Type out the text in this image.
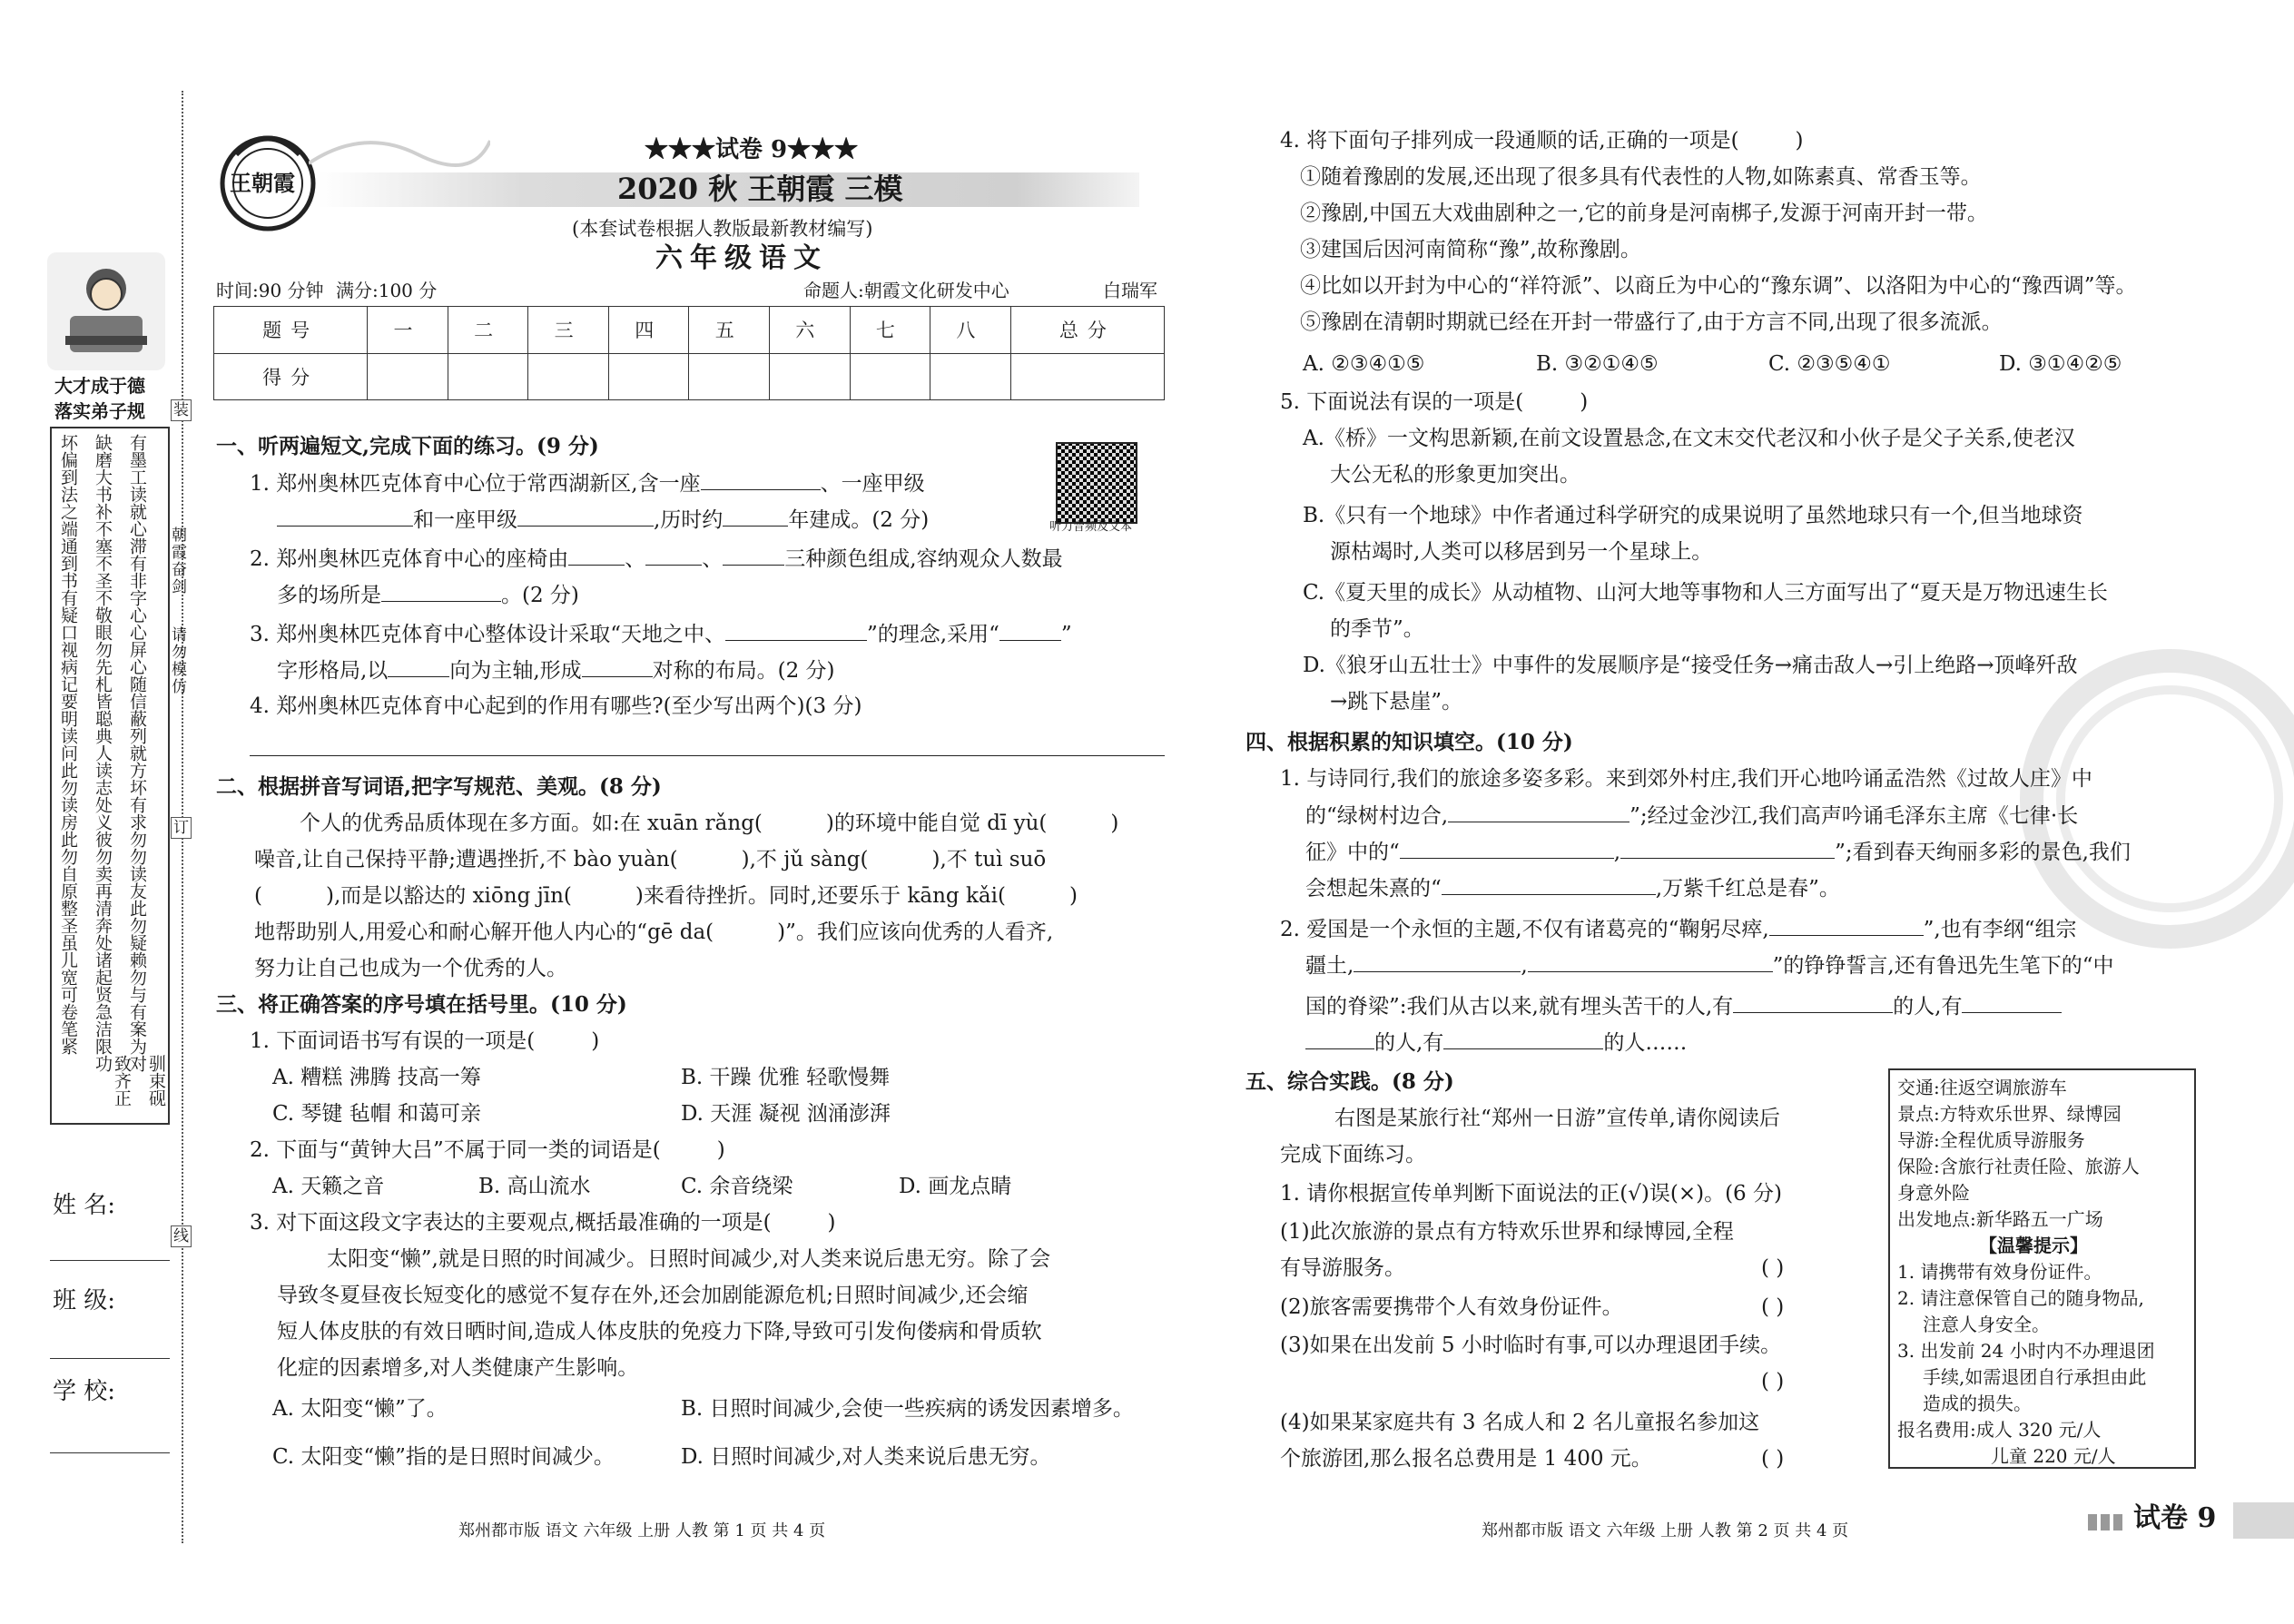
大才成于德
落实弟子规
有墨工读
缺磨大书
坏偏到法
就心滞有
补不塞不
之端通到
非字心心
圣不敬眼
书有疑口
屏心随信
勿先札皆
视病记要
蔽列就方
聪典人读
明读问此
坏有求勿
志处义彼
勿读房此
勿读友此
勿卖再清
勿自原整
勿疑赖勿
奔处诸起
圣虽儿宽
与有案为
贤急洁限
可卷笔紧
驯束砚对
致齐正功
朝霞奋剑
请勿模仿
装
订
线
姓 名:
班 级:
学 校:
王朝霞
★★★试卷 9★★★
2020 秋 王朝霞 三模
(本套试卷根据人教版最新教材编写)
六年级语文
时间:90 分钟 满分:100 分	命题人:朝霞文化研发中心	白瑞军
题号	一	二	三	四	五	六	七	八	总分
得分									
一、听两遍短文,完成下面的练习。(9 分)
听力音频及文本
1. 郑州奥林匹克体育中心位于常西湖新区,含一座	、一座甲级
和一座甲级	,历时约	年建成。(2 分)
2. 郑州奥林匹克体育中心的座椅由	、	、	三种颜色组成,容纳观众人数最
多的场所是	。(2 分)
3. 郑州奥林匹克体育中心整体设计采取“天地之中、	”的理念,采用“	”
字形格局,以	向为主轴,形成	对称的布局。(2 分)
4. 郑州奥林匹克体育中心起到的作用有哪些?(至少写出两个)(3 分)
二、根据拼音写词语,把字写规范、美观。(8 分)
个人的优秀品质体现在多方面。如:在 xuān rǎng(	)的环境中能自觉 dī yù(	)
噪音,让自己保持平静;遭遇挫折,不 bào yuàn(	),不 jǔ sàng(	),不 tuì suō
(	),而是以豁达的 xiōng jīn(	)来看待挫折。同时,还要乐于 kāng kǎi(	)
地帮助别人,用爱心和耐心解开他人内心的“gē da(	)”。我们应该向优秀的人看齐,
努力让自己也成为一个优秀的人。
三、将正确答案的序号填在括号里。(10 分)
1. 下面词语书写有误的一项是(	)
A. 糟糕 沸腾 技高一筹	B. 干躁 优雅 轻歌慢舞
C. 琴键 毡帽 和蔼可亲	D. 天涯 凝视 汹涌澎湃
2. 下面与“黄钟大吕”不属于同一类的词语是(	)
A. 天籁之音	B. 高山流水	C. 余音绕梁	D. 画龙点睛
3. 对下面这段文字表达的主要观点,概括最准确的一项是(	)
太阳变“懒”,就是日照的时间减少。日照时间减少,对人类来说后患无穷。除了会
导致冬夏昼夜长短变化的感觉不复存在外,还会加剧能源危机;日照时间减少,还会缩
短人体皮肤的有效日晒时间,造成人体皮肤的免疫力下降,导致可引发佝偻病和骨质软
化症的因素增多,对人类健康产生影响。
A. 太阳变“懒”了。	B. 日照时间减少,会使一些疾病的诱发因素增多。
C. 太阳变“懒”指的是日照时间减少。	D. 日照时间减少,对人类来说后患无穷。
4. 将下面句子排列成一段通顺的话,正确的一项是(	)
①随着豫剧的发展,还出现了很多具有代表性的人物,如陈素真、常香玉等。
②豫剧,中国五大戏曲剧种之一,它的前身是河南梆子,发源于河南开封一带。
③建国后因河南简称“豫”,故称豫剧。
④比如以开封为中心的“祥符派”、以商丘为中心的“豫东调”、以洛阳为中心的“豫西调”等。
⑤豫剧在清朝时期就已经在开封一带盛行了,由于方言不同,出现了很多流派。
A. ②③④①⑤	B. ③②①④⑤	C. ②③⑤④①	D. ③①④②⑤
5. 下面说法有误的一项是(	)
A.《桥》一文构思新颖,在前文设置悬念,在文末交代老汉和小伙子是父子关系,使老汉
大公无私的形象更加突出。
B.《只有一个地球》中作者通过科学研究的成果说明了虽然地球只有一个,但当地球资
源枯竭时,人类可以移居到另一个星球上。
C.《夏天里的成长》从动植物、山河大地等事物和人三方面写出了“夏天是万物迅速生长
的季节”。
D.《狼牙山五壮士》中事件的发展顺序是“接受任务→痛击敌人→引上绝路→顶峰歼敌
→跳下悬崖”。
四、根据积累的知识填空。(10 分)
1. 与诗同行,我们的旅途多姿多彩。来到郊外村庄,我们开心地吟诵孟浩然《过故人庄》中
的“绿树村边合,	”;经过金沙江,我们高声吟诵毛泽东主席《七律·长
征》中的“	,	”;看到春天绚丽多彩的景色,我们
会想起朱熹的“	,万紫千红总是春”。
2. 爱国是一个永恒的主题,不仅有诸葛亮的“鞠躬尽瘁,	”,也有李纲“组宗
疆土,	,	”的铮铮誓言,还有鲁迅先生笔下的“中
国的脊梁”:我们从古以来,就有埋头苦干的人,有	的人,有
的人,有	的人……
五、综合实践。(8 分)
右图是某旅行社“郑州一日游”宣传单,请你阅读后
完成下面练习。
1. 请你根据宣传单判断下面说法的正(√)误(×)。(6 分)
(1)此次旅游的景点有方特欢乐世界和绿博园,全程
有导游服务。	( )
(2)旅客需要携带个人有效身份证件。	( )
(3)如果在出发前 5 小时临时有事,可以办理退团手续。
( )
(4)如果某家庭共有 3 名成人和 2 名儿童报名参加这
个旅游团,那么报名总费用是 1 400 元。	( )
交通:往返空调旅游车
景点:方特欢乐世界、绿博园
导游:全程优质导游服务
保险:含旅行社责任险、旅游人
身意外险
出发地点:新华路五一广场
【温馨提示】
1. 请携带有效身份证件。
2. 请注意保管自己的随身物品,
注意人身安全。
3. 出发前 24 小时内不办理退团
手续,如需退团自行承担由此
造成的损失。
报名费用:成人 320 元/人
儿童 220 元/人
郑州都市版 语文 六年级 上册 人教 第 1 页 共 4 页	郑州都市版 语文 六年级 上册 人教 第 2 页 共 4 页	试卷 9
